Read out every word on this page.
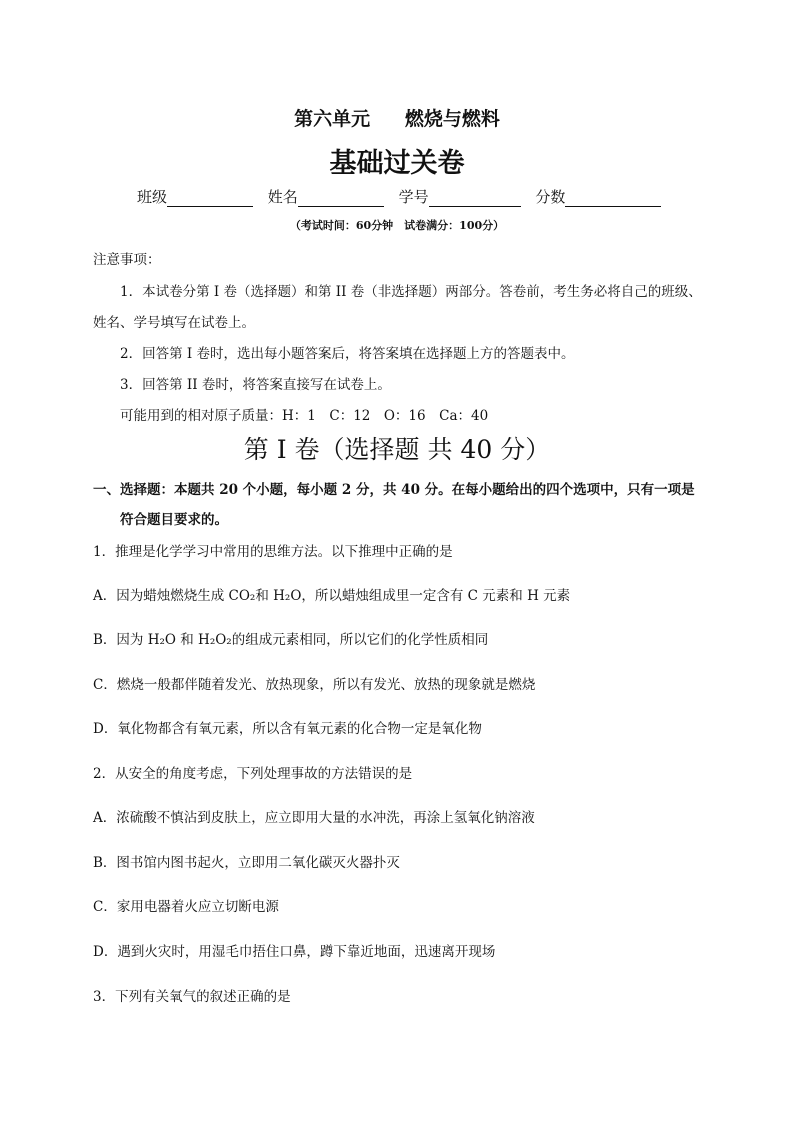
第六单元 燃烧与燃料
基础过关卷
班级	姓名	学号	分数
（考试时间：60分钟　试卷满分：100分）
注意事项：
1．本试卷分第 I 卷（选择题）和第 II 卷（非选择题）两部分。答卷前，考生务必将自己的班级、
姓名、学号填写在试卷上。
2．回答第 I 卷时，选出每小题答案后，将答案填在选择题上方的答题表中。
3．回答第 II 卷时，将答案直接写在试卷上。
可能用到的相对原子质量：H：1　C：12　O：16　Ca：40
第 I 卷（选择题 共 40 分）
一、选择题：本题共 20 个小题，每小题 2 分，共 40 分。在每小题给出的四个选项中，只有一项是
符合题目要求的。
1．推理是化学学习中常用的思维方法。以下推理中正确的是
A．因为蜡烛燃烧生成 CO₂和 H₂O，所以蜡烛组成里一定含有 C 元素和 H 元素
B．因为 H₂O 和 H₂O₂的组成元素相同，所以它们的化学性质相同
C．燃烧一般都伴随着发光、放热现象，所以有发光、放热的现象就是燃烧
D．氧化物都含有氧元素，所以含有氧元素的化合物一定是氧化物
2．从安全的角度考虑，下列处理事故的方法错误的是
A．浓硫酸不慎沾到皮肤上，应立即用大量的水冲洗，再涂上氢氧化钠溶液
B．图书馆内图书起火，立即用二氧化碳灭火器扑灭
C．家用电器着火应立切断电源
D．遇到火灾时，用湿毛巾捂住口鼻，蹲下靠近地面，迅速离开现场
3．下列有关氧气的叙述正确的是
